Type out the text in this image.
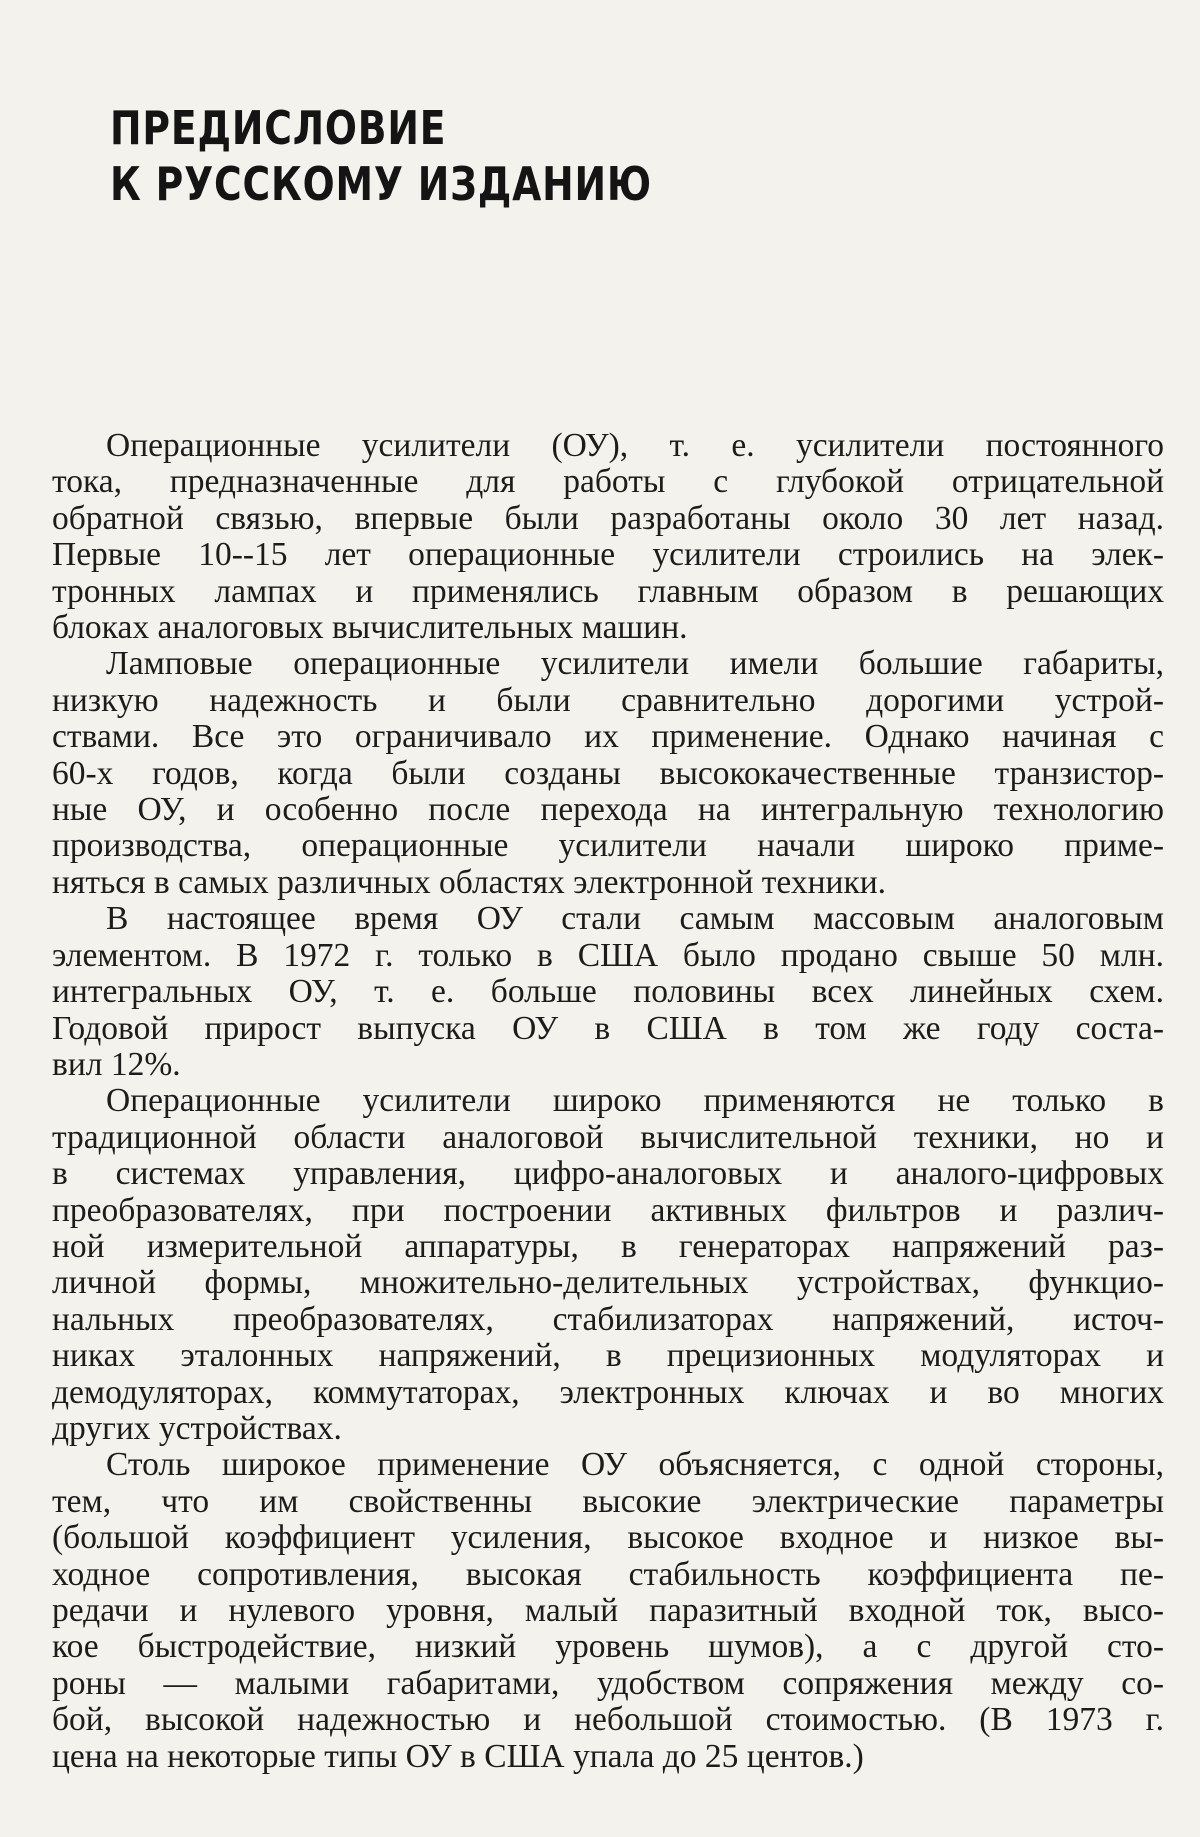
ПРЕДИСЛОВИЕ
К РУССКОМУ ИЗДАНИЮ

Операционные усилители (ОУ), т. е. усилители постоянного
тока, предназначенные для работы с глубокой отрицательной
обратной связью, впервые были разработаны около 30 лет назад.
Первые 10--15 лет операционные усилители строились на элек-
тронных лампах и применялись главным образом в решающих
блоках аналоговых вычислительных машин.

Ламповые операционные усилители имели большие габариты,
низкую надежность и были сравнительно дорогими устрой-
ствами. Все это ограничивало их применение. Однако начиная с
60-х годов, когда были созданы высококачественные транзистор-
ные ОУ, и особенно после перехода на интегральную технологию
производства, операционные усилители начали широко приме-
няться в самых различных областях электронной техники.

В настоящее время ОУ стали самым массовым аналоговым
элементом. В 1972 г. только в США было продано свыше 50 млн.
интегральных ОУ, т. е. больше половины всех линейных схем.
Годовой прирост выпуска ОУ в США в том же году соста-
вил 12%.

Операционные усилители широко применяются не только в
традиционной области аналоговой вычислительной техники, но и
в системах управления, цифро-аналоговых и аналого-цифровых
преобразователях, при построении активных фильтров и различ-
ной измерительной аппаратуры, в генераторах напряжений раз-
личной формы, множительно-делительных устройствах, функцио-
нальных преобразователях, стабилизаторах напряжений, источ-
никах эталонных напряжений, в прецизионных модуляторах и
демодуляторах, коммутаторах, электронных ключах и во многих
других устройствах.

Столь широкое применение ОУ объясняется, с одной стороны,
тем, что им свойственны высокие электрические параметры
(большой коэффициент усиления, высокое входное и низкое вы-
ходное сопротивления, высокая стабильность коэффициента пе-
редачи и нулевого уровня, малый паразитный входной ток, высо-
кое быстродействие, низкий уровень шумов), а с другой сто-
роны — малыми габаритами, удобством сопряжения между со-
бой, высокой надежностью и небольшой стоимостью. (В 1973 г.
цена на некоторые типы ОУ в США упала до 25 центов.)
